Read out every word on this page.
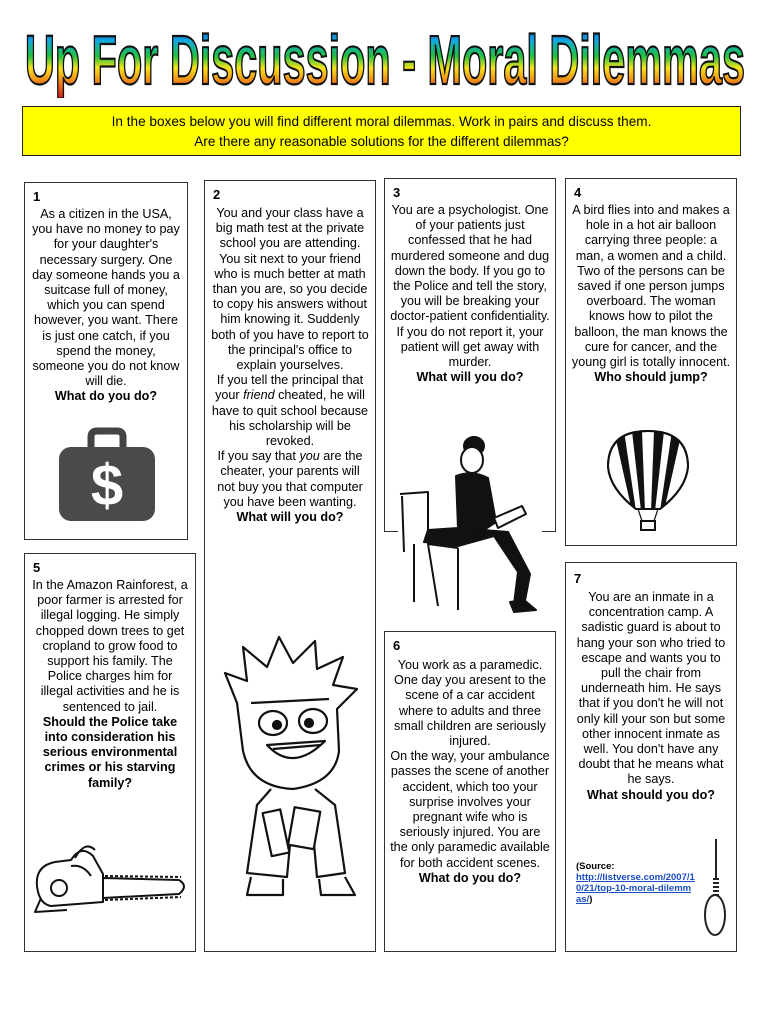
Up For Discussion - Moral Dilemmas
In the boxes below you will find different moral dilemmas. Work in pairs and discuss them.
Are there any reasonable solutions for the different dilemmas?
1

As a citizen in the USA, you have no money to pay for your daughter's necessary surgery. One day someone hands you a suitcase full of money, which you can spend however, you want. There is just one catch, if you spend the money, someone you do not know will die.

What do you do?

$
2

You and your class have a big math test at the private school you are attending. You sit next to your friend who is much better at math than you are, so you decide to copy his answers without him knowing it. Suddenly both of you have to report to the principal's office to explain yourselves.

If you tell the principal that your friend cheated, he will have to quit school because his scholarship will be revoked.

If you say that you are the cheater, your parents will not buy you that computer you have been wanting.

What will you do?

3

You are a psychologist. One of your patients just confessed that he had murdered someone and dug down the body. If you go to the Police and tell the story, you will be breaking your doctor-patient confidentiality. If you do not report it, your patient will get away with murder.

What will you do?

4

A bird flies into and makes a hole in a hot air balloon carrying three people: a man, a women and a child. Two of the persons can be saved if one person jumps overboard. The woman knows how to pilot the balloon, the man knows the cure for cancer, and the young girl is totally innocent.

Who should jump?

5

In the Amazon Rainforest, a poor farmer is arrested for illegal logging. He simply chopped down trees to get cropland to grow food to support his family. The Police charges him for illegal activities and he is sentenced to jail.

Should the Police take into consideration his serious environmental crimes or his starving family?

6

You work as a paramedic. One day you aresent to the scene of a car accident where to adults and three small children are seriously injured.

On the way, your ambulance passes the scene of another accident, which too your surprise involves your pregnant wife who is seriously injured. You are the only paramedic available for both accident scenes.

What do you do?

7

You are an inmate in a concentration camp. A sadistic guard is about to hang your son who tried to escape and wants you to pull the chair from underneath him. He says that if you don't he will not only kill your son but some other innocent inmate as well. You don't have any doubt that he means what he says.

What should you do?

(Source:
http://listverse.com/2007/10/21/top-10-moral-dilemmas/)
